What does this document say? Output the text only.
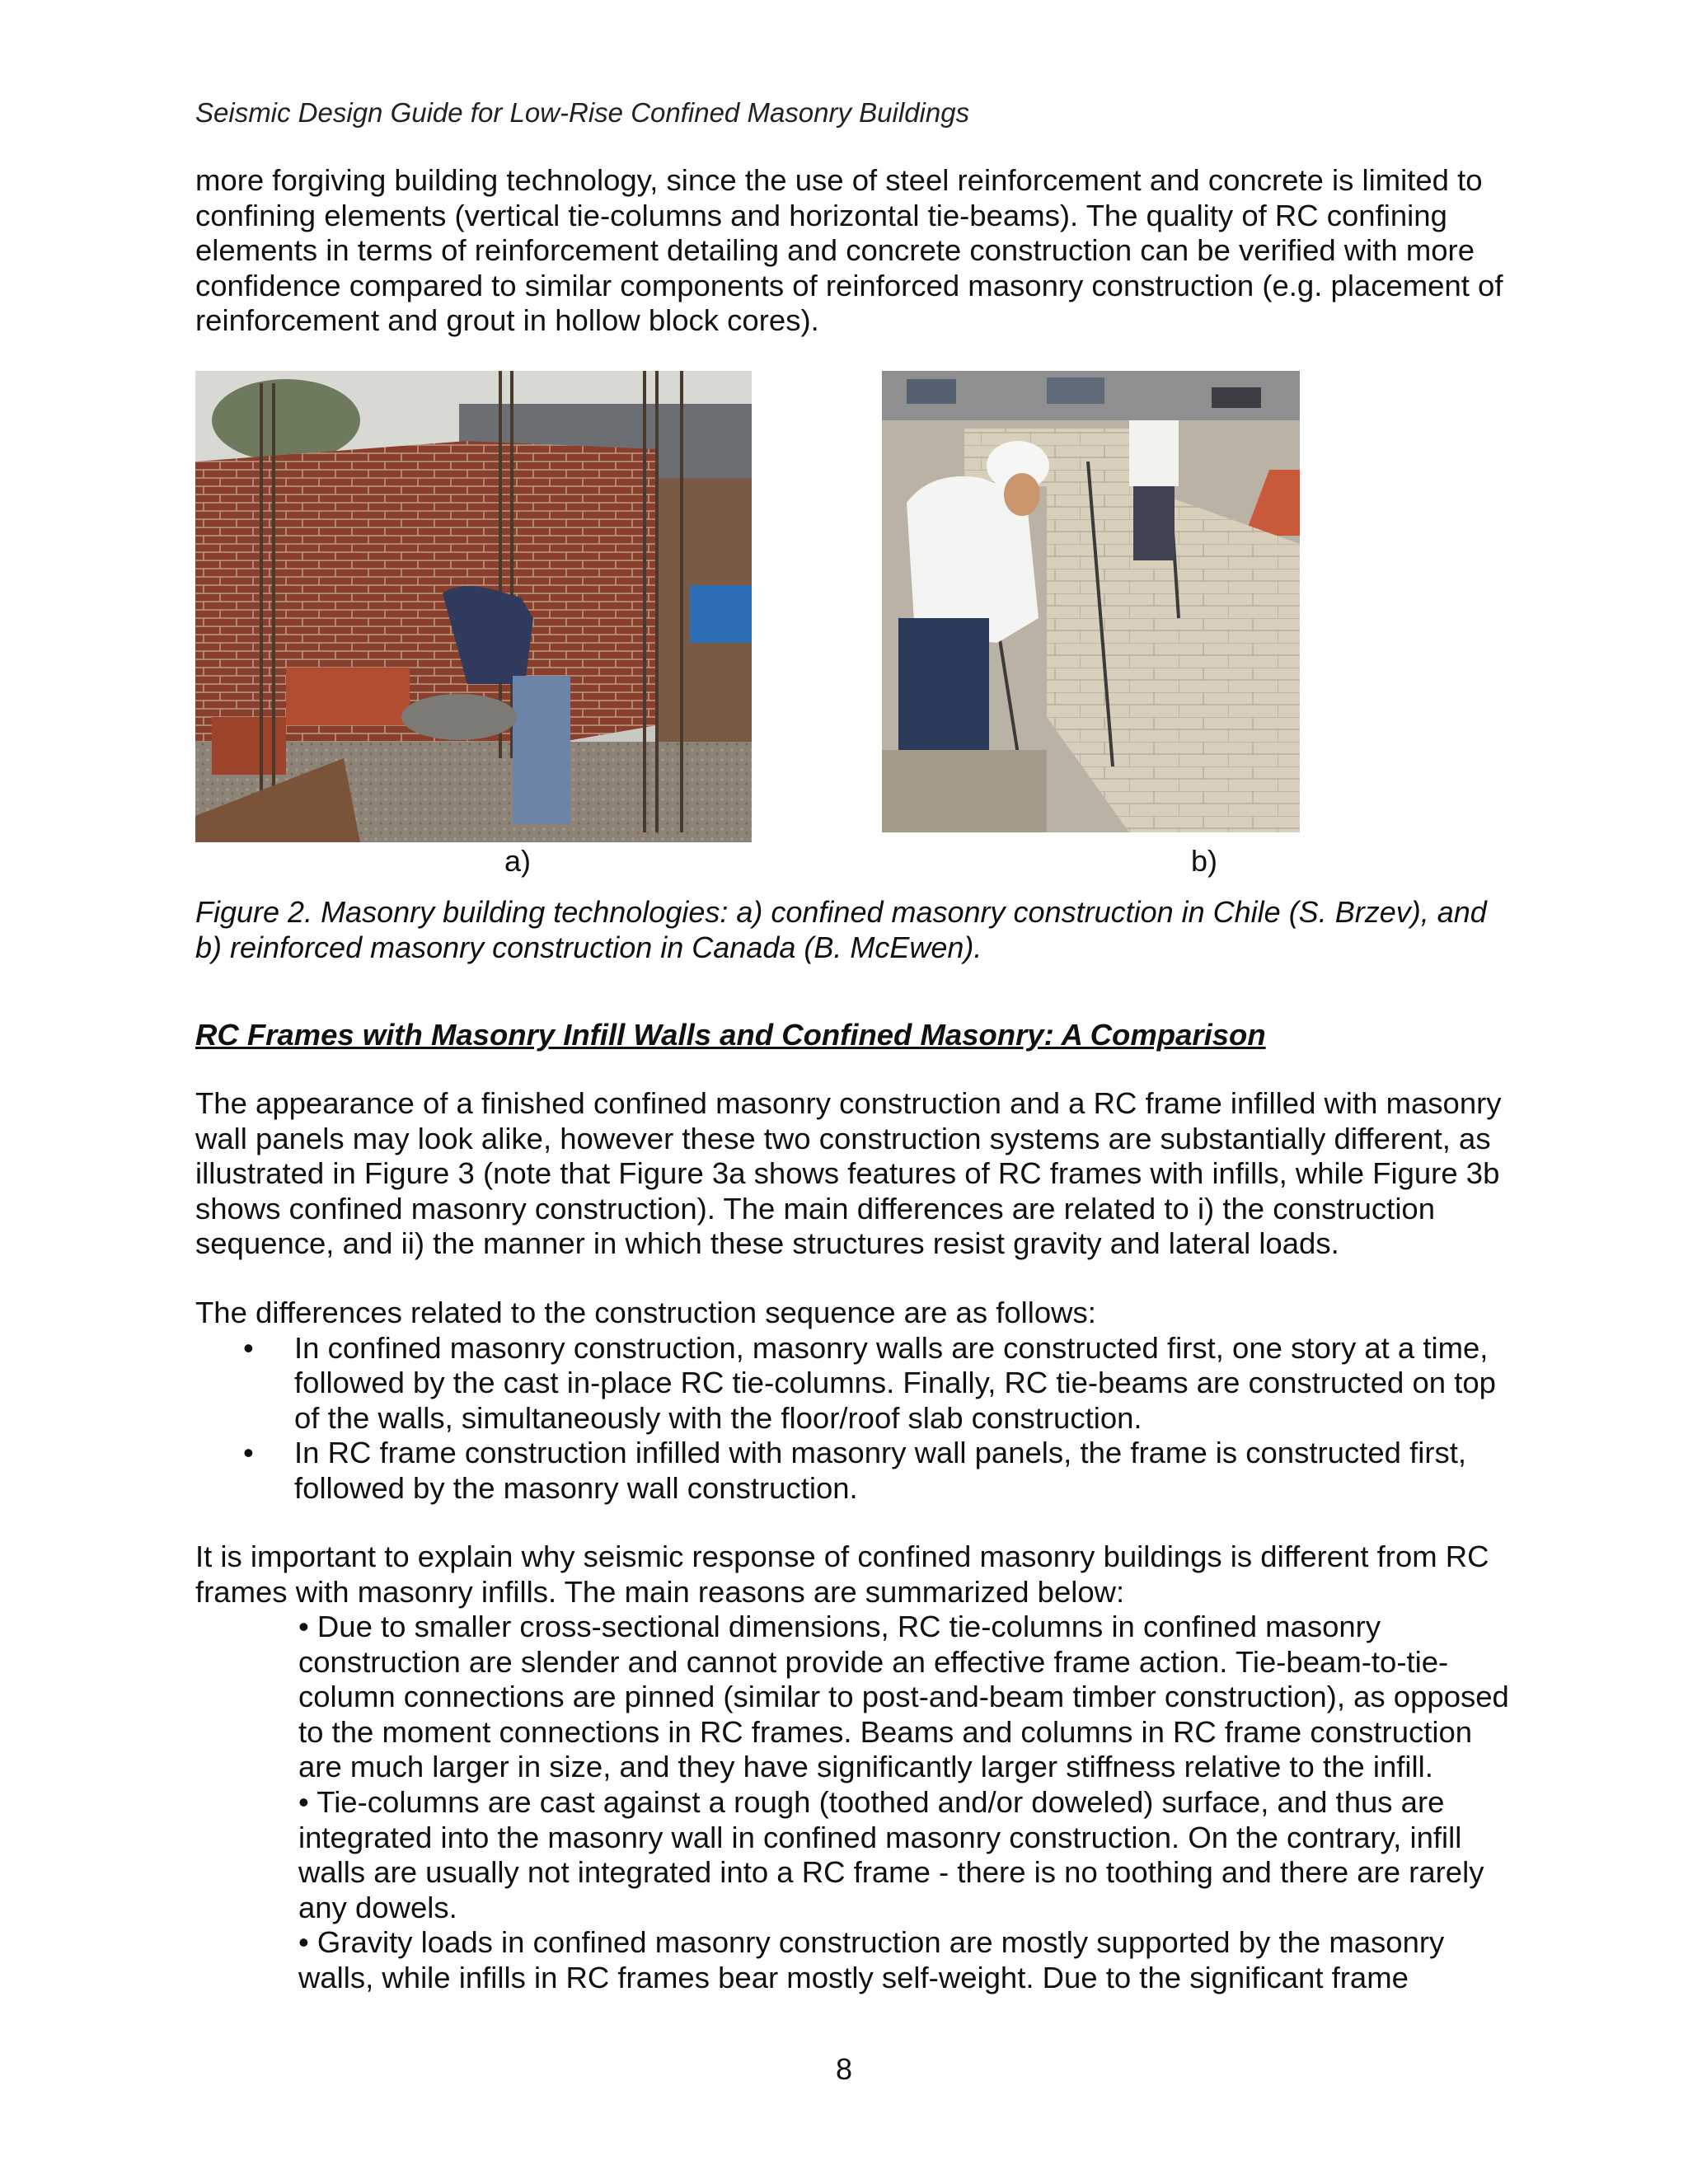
Seismic Design Guide for Low-Rise Confined Masonry Buildings

more forgiving building technology, since the use of steel reinforcement and concrete is limited to

confining elements (vertical tie-columns and horizontal tie-beams). The quality of RC confining

elements in terms of reinforcement detailing and concrete construction can be verified with more

confidence compared to similar components of reinforced masonry construction (e.g. placement of

reinforcement and grout in hollow block cores).

a)	b)
Figure 2. Masonry building technologies: a) confined masonry construction in Chile (S. Brzev), and
b) reinforced masonry construction in Canada (B. McEwen).
RC Frames with Masonry Infill Walls and Confined Masonry: A Comparison

The appearance of a finished confined masonry construction and a RC frame infilled with masonry

wall panels may look alike, however these two construction systems are substantially different, as

illustrated in Figure 3 (note that Figure 3a shows features of RC frames with infills, while Figure 3b

shows confined masonry construction). The main differences are related to i) the construction

sequence, and ii) the manner in which these structures resist gravity and lateral loads.

The differences related to the construction sequence are as follows:

• In confined masonry construction, masonry walls are constructed first, one story at a time,
followed by the cast in-place RC tie-columns. Finally, RC tie-beams are constructed on top
of the walls, simultaneously with the floor/roof slab construction.
• In RC frame construction infilled with masonry wall panels, the frame is constructed first,
followed by the masonry wall construction.

It is important to explain why seismic response of confined masonry buildings is different from RC

frames with masonry infills. The main reasons are summarized below:

• Due to smaller cross-sectional dimensions, RC tie-columns in confined masonry

construction are slender and cannot provide an effective frame action. Tie-beam-to-tie-

column connections are pinned (similar to post-and-beam timber construction), as opposed

to the moment connections in RC frames. Beams and columns in RC frame construction

are much larger in size, and they have significantly larger stiffness relative to the infill.

• Tie-columns are cast against a rough (toothed and/or doweled) surface, and thus are

integrated into the masonry wall in confined masonry construction. On the contrary, infill

walls are usually not integrated into a RC frame - there is no toothing and there are rarely

any dowels.

• Gravity loads in confined masonry construction are mostly supported by the masonry

walls, while infills in RC frames bear mostly self-weight. Due to the significant frame

8
